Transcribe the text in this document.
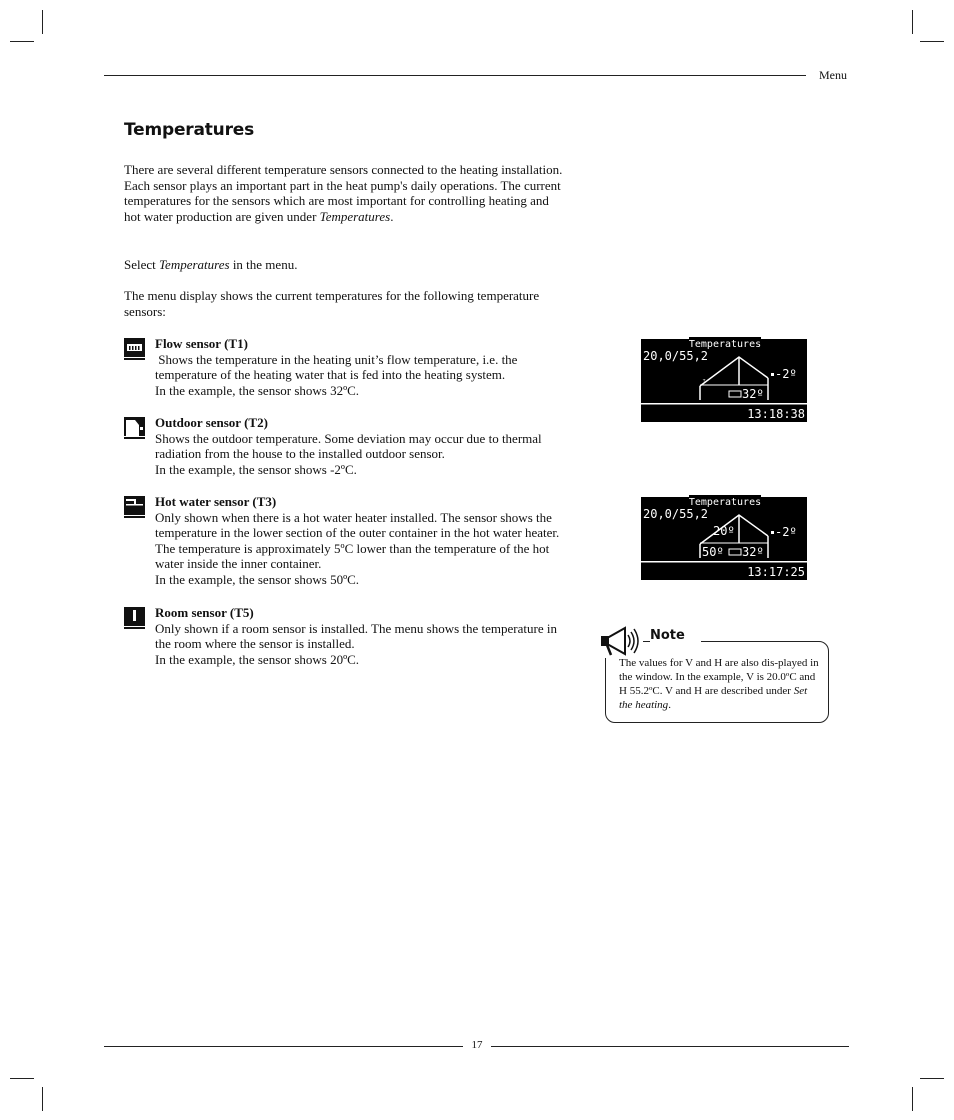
Menu
Temperatures
There are several different temperature sensors connected to the heating installation. Each sensor plays an important part in the heat pump's daily operations. The current temperatures for the sensors which are most important for controlling heating and hot water production are given under Temperatures.
Select Temperatures in the menu.
The menu display shows the current temperatures for the following temperature sensors:
Flow sensor (T1)
Shows the temperature in the heating unit’s flow temperature, i.e. the temperature of the heating water that is fed into the heating system.
In the example, the sensor shows 32ºC.
Outdoor sensor (T2)
Shows the outdoor temperature. Some deviation may occur due to thermal radiation from the house to the installed outdoor sensor.
In the example, the sensor shows -2ºC.
Hot water sensor (T3)
Only shown when there is a hot water heater installed. The sensor shows the temperature in the lower section of the outer container in the hot water heater. The temperature is approximately 5ºC lower than the temperature of the hot water inside the inner container.
In the example, the sensor shows 50ºC.
Room sensor (T5)
Only shown if a room sensor is installed. The menu shows the temperature in the room where the sensor is installed.
In the example, the sensor shows 20ºC.
Temperatures
20,0/55,2
ᵀ
-2º
32º
13:18:38
Temperatures
20,0/55,2
20º
50º
-2º
32º
13:17:25
Note
The values for V and H are also dis-played in the window. In the example, V is 20.0ºC and H 55.2ºC. V and H are described under Set the heating.
17
